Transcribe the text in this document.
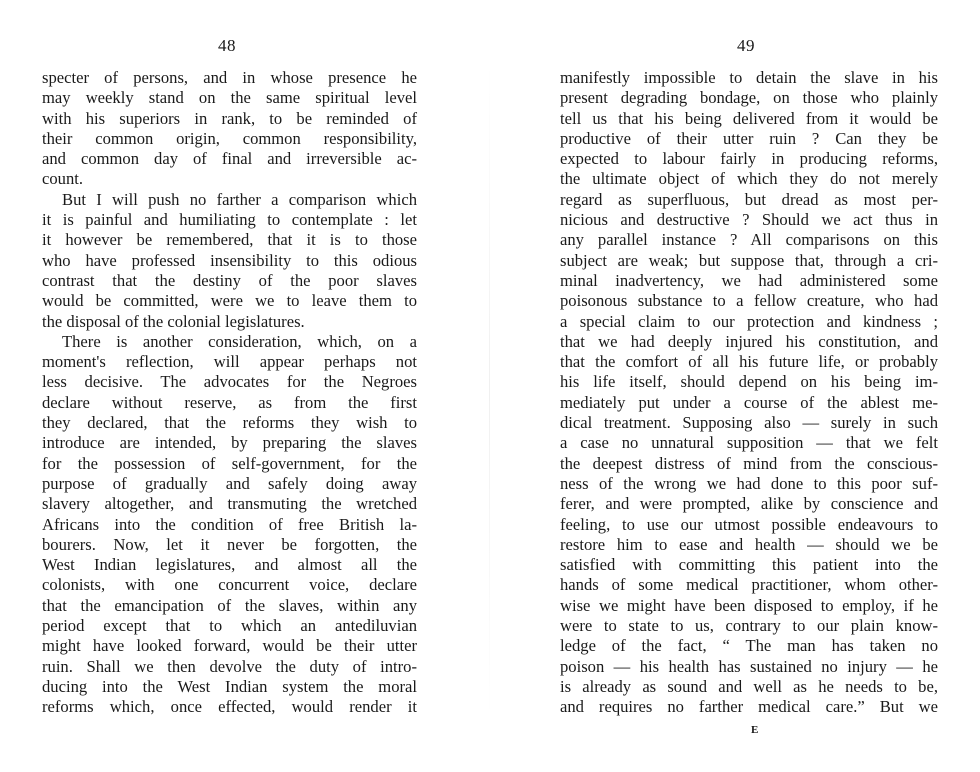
48
specter of persons, and in whose presence he
may weekly stand on the same spiritual level
with his superiors in rank, to be reminded of
their common origin, common responsibility,
and common day of final and irreversible ac-
count.
But I will push no farther a comparison which
it is painful and humiliating to contemplate : let
it however be remembered, that it is to those
who have professed insensibility to this odious
contrast that the destiny of the poor slaves
would be committed, were we to leave them to
the disposal of the colonial legislatures.
There is another consideration, which, on a
moment's reflection, will appear perhaps not
less decisive. The advocates for the Negroes
declare without reserve, as from the first
they declared, that the reforms they wish to
introduce are intended, by preparing the slaves
for the possession of self-government, for the
purpose of gradually and safely doing away
slavery altogether, and transmuting the wretched
Africans into the condition of free British la-
bourers. Now, let it never be forgotten, the
West Indian legislatures, and almost all the
colonists, with one concurrent voice, declare
that the emancipation of the slaves, within any
period except that to which an antediluvian
might have looked forward, would be their utter
ruin. Shall we then devolve the duty of intro-
ducing into the West Indian system the moral
reforms which, once effected, would render it
49
manifestly impossible to detain the slave in his
present degrading bondage, on those who plainly
tell us that his being delivered from it would be
productive of their utter ruin ? Can they be
expected to labour fairly in producing reforms,
the ultimate object of which they do not merely
regard as superfluous, but dread as most per-
nicious and destructive ? Should we act thus in
any parallel instance ? All comparisons on this
subject are weak; but suppose that, through a cri-
minal inadvertency, we had administered some
poisonous substance to a fellow creature, who had
a special claim to our protection and kindness ;
that we had deeply injured his constitution, and
that the comfort of all his future life, or probably
his life itself, should depend on his being im-
mediately put under a course of the ablest me-
dical treatment. Supposing also — surely in such
a case no unnatural supposition — that we felt
the deepest distress of mind from the conscious-
ness of the wrong we had done to this poor suf-
ferer, and were prompted, alike by conscience and
feeling, to use our utmost possible endeavours to
restore him to ease and health — should we be
satisfied with committing this patient into the
hands of some medical practitioner, whom other-
wise we might have been disposed to employ, if he
were to state to us, contrary to our plain know-
ledge of the fact, “ The man has taken no
poison — his health has sustained no injury — he
is already as sound and well as he needs to be,
and requires no farther medical care.” But we
E
